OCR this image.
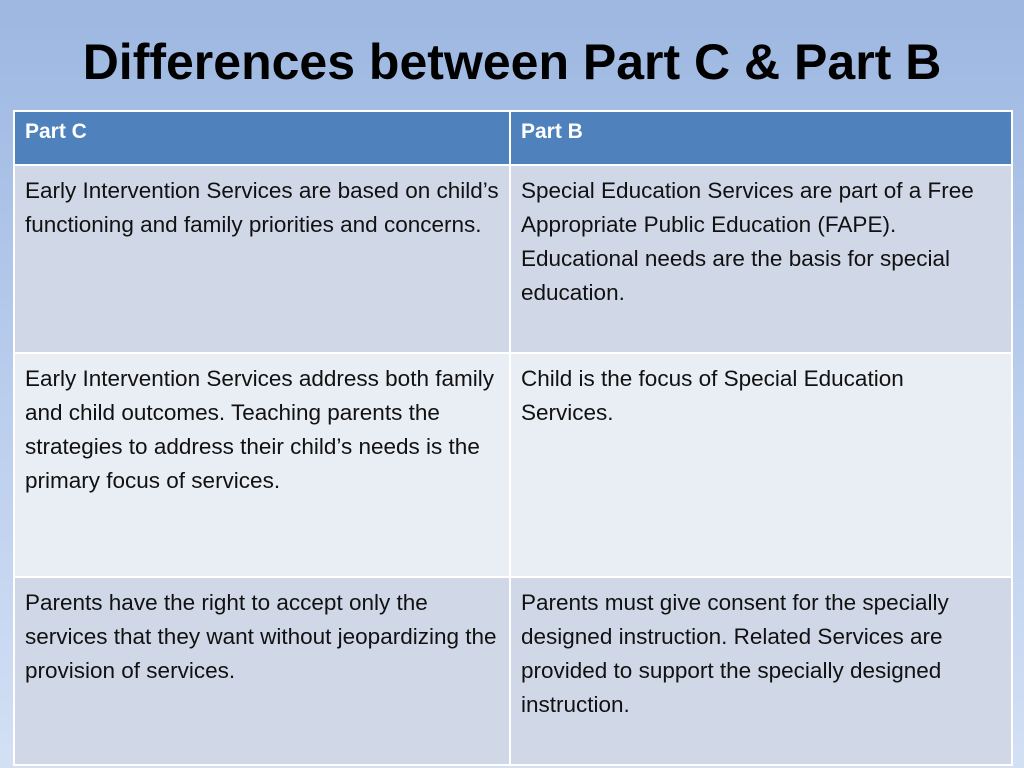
Differences between Part C & Part B
Part C	Part B
Early Intervention Services are based on child’s functioning and family priorities and concerns.	Special Education Services are part of a Free Appropriate Public Education (FAPE). Educational needs are the basis for special education.
Early Intervention Services address both family and child outcomes. Teaching parents the strategies to address their child’s needs is the primary focus of services.	Child is the focus of Special Education Services.
Parents have the right to accept only the services that they want without jeopardizing the provision of services.	Parents must give consent for the specially designed instruction. Related Services are provided to support the specially designed instruction.
